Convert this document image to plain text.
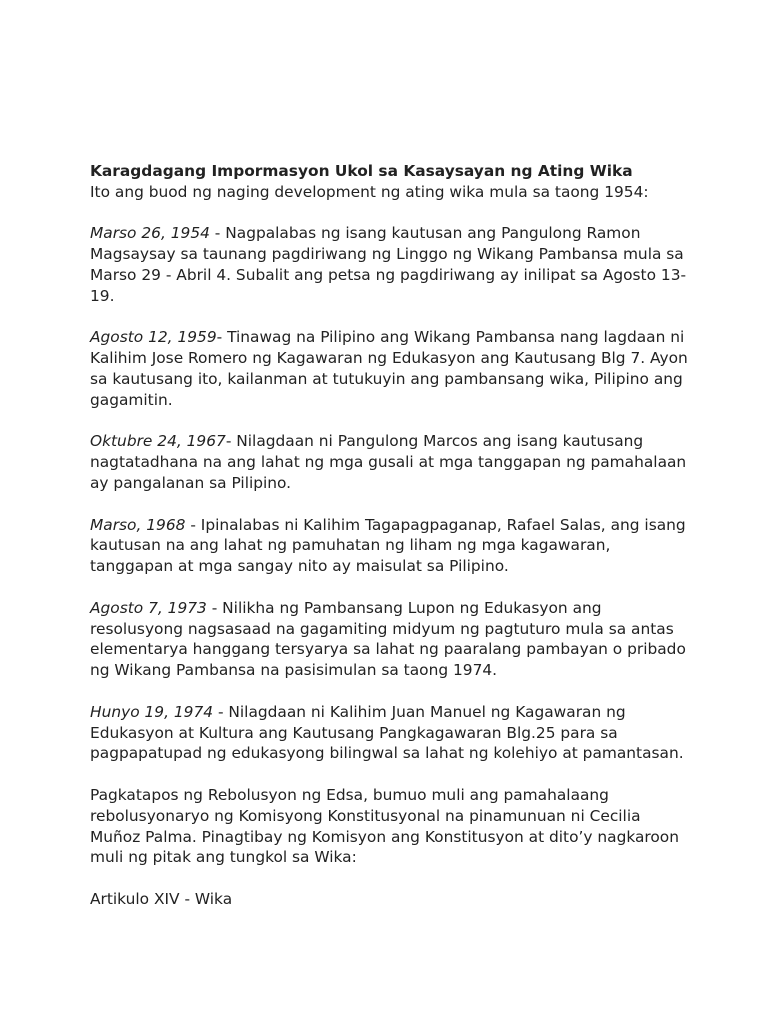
Karagdagang Impormasyon Ukol sa Kasaysayan ng Ating Wika

Ito ang buod ng naging development ng ating wika mula sa taong 1954:

Marso 26, 1954 - Nagpalabas ng isang kautusan ang Pangulong Ramon Magsaysay sa taunang pagdiriwang ng Linggo ng Wikang Pambansa mula sa Marso 29 - Abril 4. Subalit ang petsa ng pagdiriwang ay inilipat sa Agosto 13-19.

Agosto 12, 1959- Tinawag na Pilipino ang Wikang Pambansa nang lagdaan ni Kalihim Jose Romero ng Kagawaran ng Edukasyon ang Kautusang Blg 7. Ayon sa kautusang ito, kailanman at tutukuyin ang pambansang wika, Pilipino ang gagamitin.

Oktubre 24, 1967- Nilagdaan ni Pangulong Marcos ang isang kautusang nagtatadhana na ang lahat ng mga gusali at mga tanggapan ng pamahalaan ay pangalanan sa Pilipino.

Marso, 1968 - Ipinalabas ni Kalihim Tagapagpaganap, Rafael Salas, ang isang kautusan na ang lahat ng pamuhatan ng liham ng mga kagawaran, tanggapan at mga sangay nito ay maisulat sa Pilipino.

Agosto 7, 1973 - Nilikha ng Pambansang Lupon ng Edukasyon ang resolusyong nagsasaad na gagamiting midyum ng pagtuturo mula sa antas elementarya hanggang tersyarya sa lahat ng paaralang pambayan o pribado ng Wikang Pambansa na pasisimulan sa taong 1974.

Hunyo 19, 1974 - Nilagdaan ni Kalihim Juan Manuel ng Kagawaran ng Edukasyon at Kultura ang Kautusang Pangkagawaran Blg.25 para sa pagpapatupad ng edukasyong bilingwal sa lahat ng kolehiyo at pamantasan.

Pagkatapos ng Rebolusyon ng Edsa, bumuo muli ang pamahalaang rebolusyonaryo ng Komisyong Konstitusyonal na pinamunuan ni Cecilia Muñoz Palma. Pinagtibay ng Komisyon ang Konstitusyon at dito’y nagkaroon muli ng pitak ang tungkol sa Wika:

Artikulo XIV - Wika
